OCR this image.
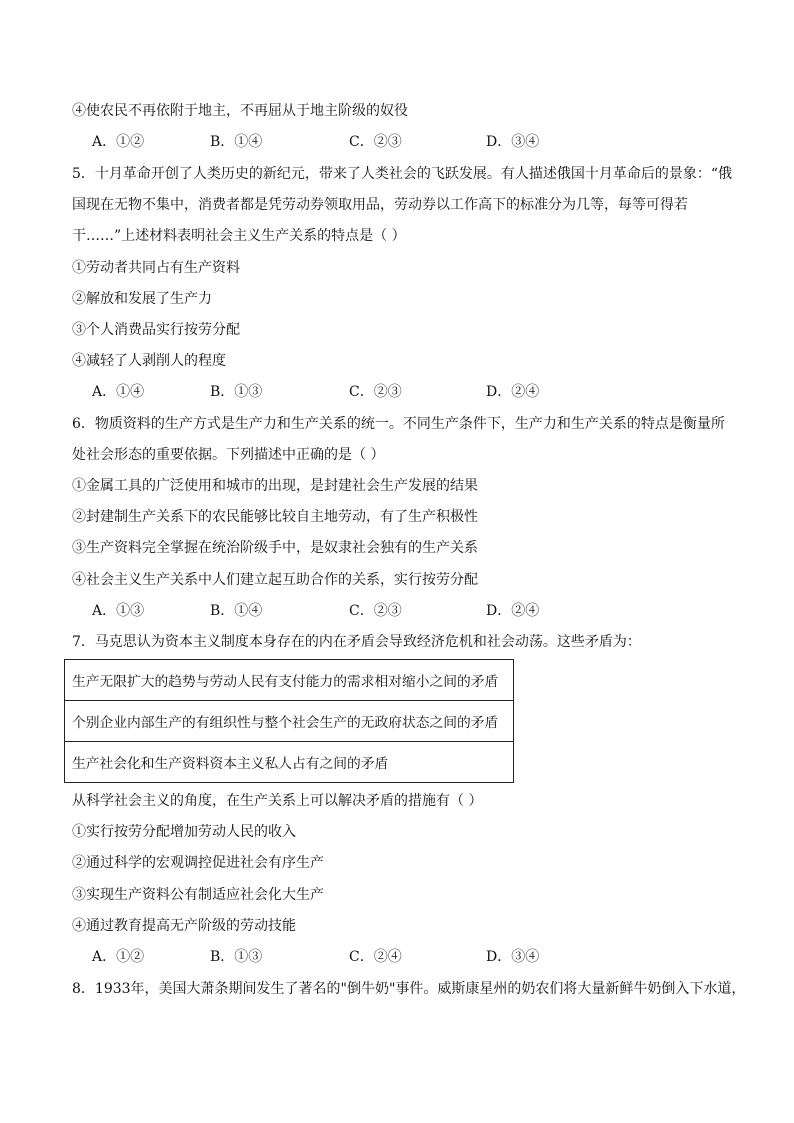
④使农民不再依附于地主，不再屈从于地主阶级的奴役
A．①②	B．①④	C．②③	D．③④
5．十月革命开创了人类历史的新纪元，带来了人类社会的飞跃发展。有人描述俄国十月革命后的景象：“俄
国现在无物不集中，消费者都是凭劳动券领取用品，劳动券以工作高下的标准分为几等，每等可得若
干……”上述材料表明社会主义生产关系的特点是（ ）
①劳动者共同占有生产资料
②解放和发展了生产力
③个人消费品实行按劳分配
④减轻了人剥削人的程度
A．①④	B．①③	C．②③	D．②④
6．物质资料的生产方式是生产力和生产关系的统一。不同生产条件下，生产力和生产关系的特点是衡量所
处社会形态的重要依据。下列描述中正确的是（ ）
①金属工具的广泛使用和城市的出现，是封建社会生产发展的结果
②封建制生产关系下的农民能够比较自主地劳动，有了生产积极性
③生产资料完全掌握在统治阶级手中，是奴隶社会独有的生产关系
④社会主义生产关系中人们建立起互助合作的关系，实行按劳分配
A．①③	B．①④	C．②③	D．②④
7．马克思认为资本主义制度本身存在的内在矛盾会导致经济危机和社会动荡。这些矛盾为：
生产无限扩大的趋势与劳动人民有支付能力的需求相对缩小之间的矛盾
个别企业内部生产的有组织性与整个社会生产的无政府状态之间的矛盾
生产社会化和生产资料资本主义私人占有之间的矛盾
从科学社会主义的角度，在生产关系上可以解决矛盾的措施有（ ）
①实行按劳分配增加劳动人民的收入
②通过科学的宏观调控促进社会有序生产
③实现生产资料公有制适应社会化大生产
④通过教育提高无产阶级的劳动技能
A．①②	B．①③	C．②④	D．③④
8．1933年，美国大萧条期间发生了著名的"倒牛奶"事件。威斯康星州的奶农们将大量新鲜牛奶倒入下水道，
